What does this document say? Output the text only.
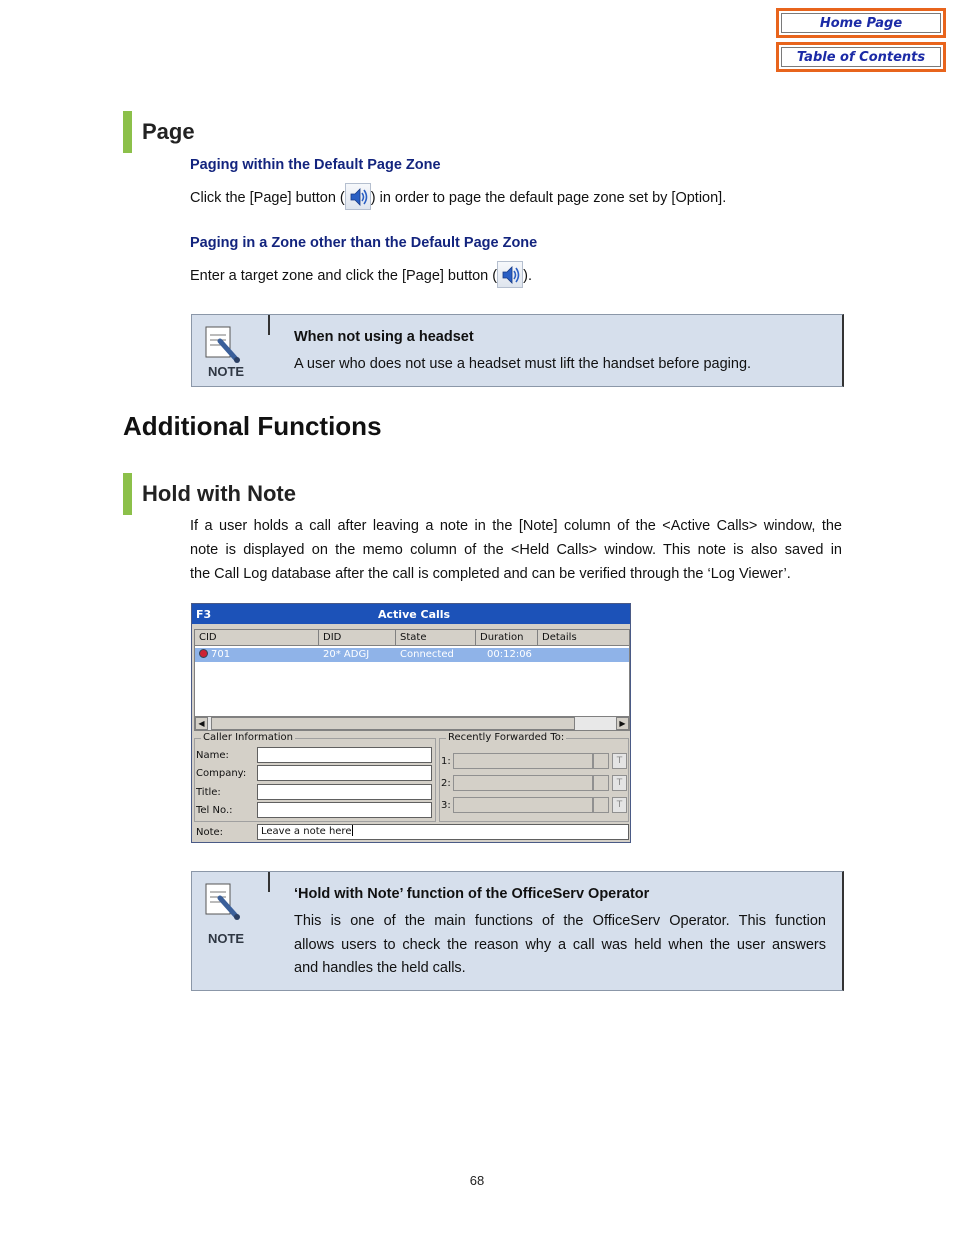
Home Page
Table of Contents
Page
Paging within the Default Page Zone
Click the [Page] button ( ) in order to page the default page zone set by [Option].
Paging in a Zone other than the Default Page Zone
Enter a target zone and click the [Page] button ( ).
NOTE
When not using a headset
A user who does not use a headset must lift the handset before paging.
Additional Functions
Hold with Note
If a user holds a call after leaving a note in the [Note] column of the <Active Calls> window, the
note is displayed on the memo column of the <Held Calls> window. This note is also saved in
the Call Log database after the call is completed and can be verified through the ‘Log Viewer’.
F3	Active Calls
CID	DID	State	Duration	Details
701	20* ADGJ	Connected	00:12:06
◀	▶
Caller Information
Name:
Company:
Title:
Tel No.:
Recently Forwarded To:
1:	T
2:	T
3:	T
Note:	Leave a note here
NOTE
‘Hold with Note’ function of the OfficeServ Operator
This is one of the main functions of the OfficeServ Operator. This function
allows users to check the reason why a call was held when the user answers
and handles the held calls.
68
